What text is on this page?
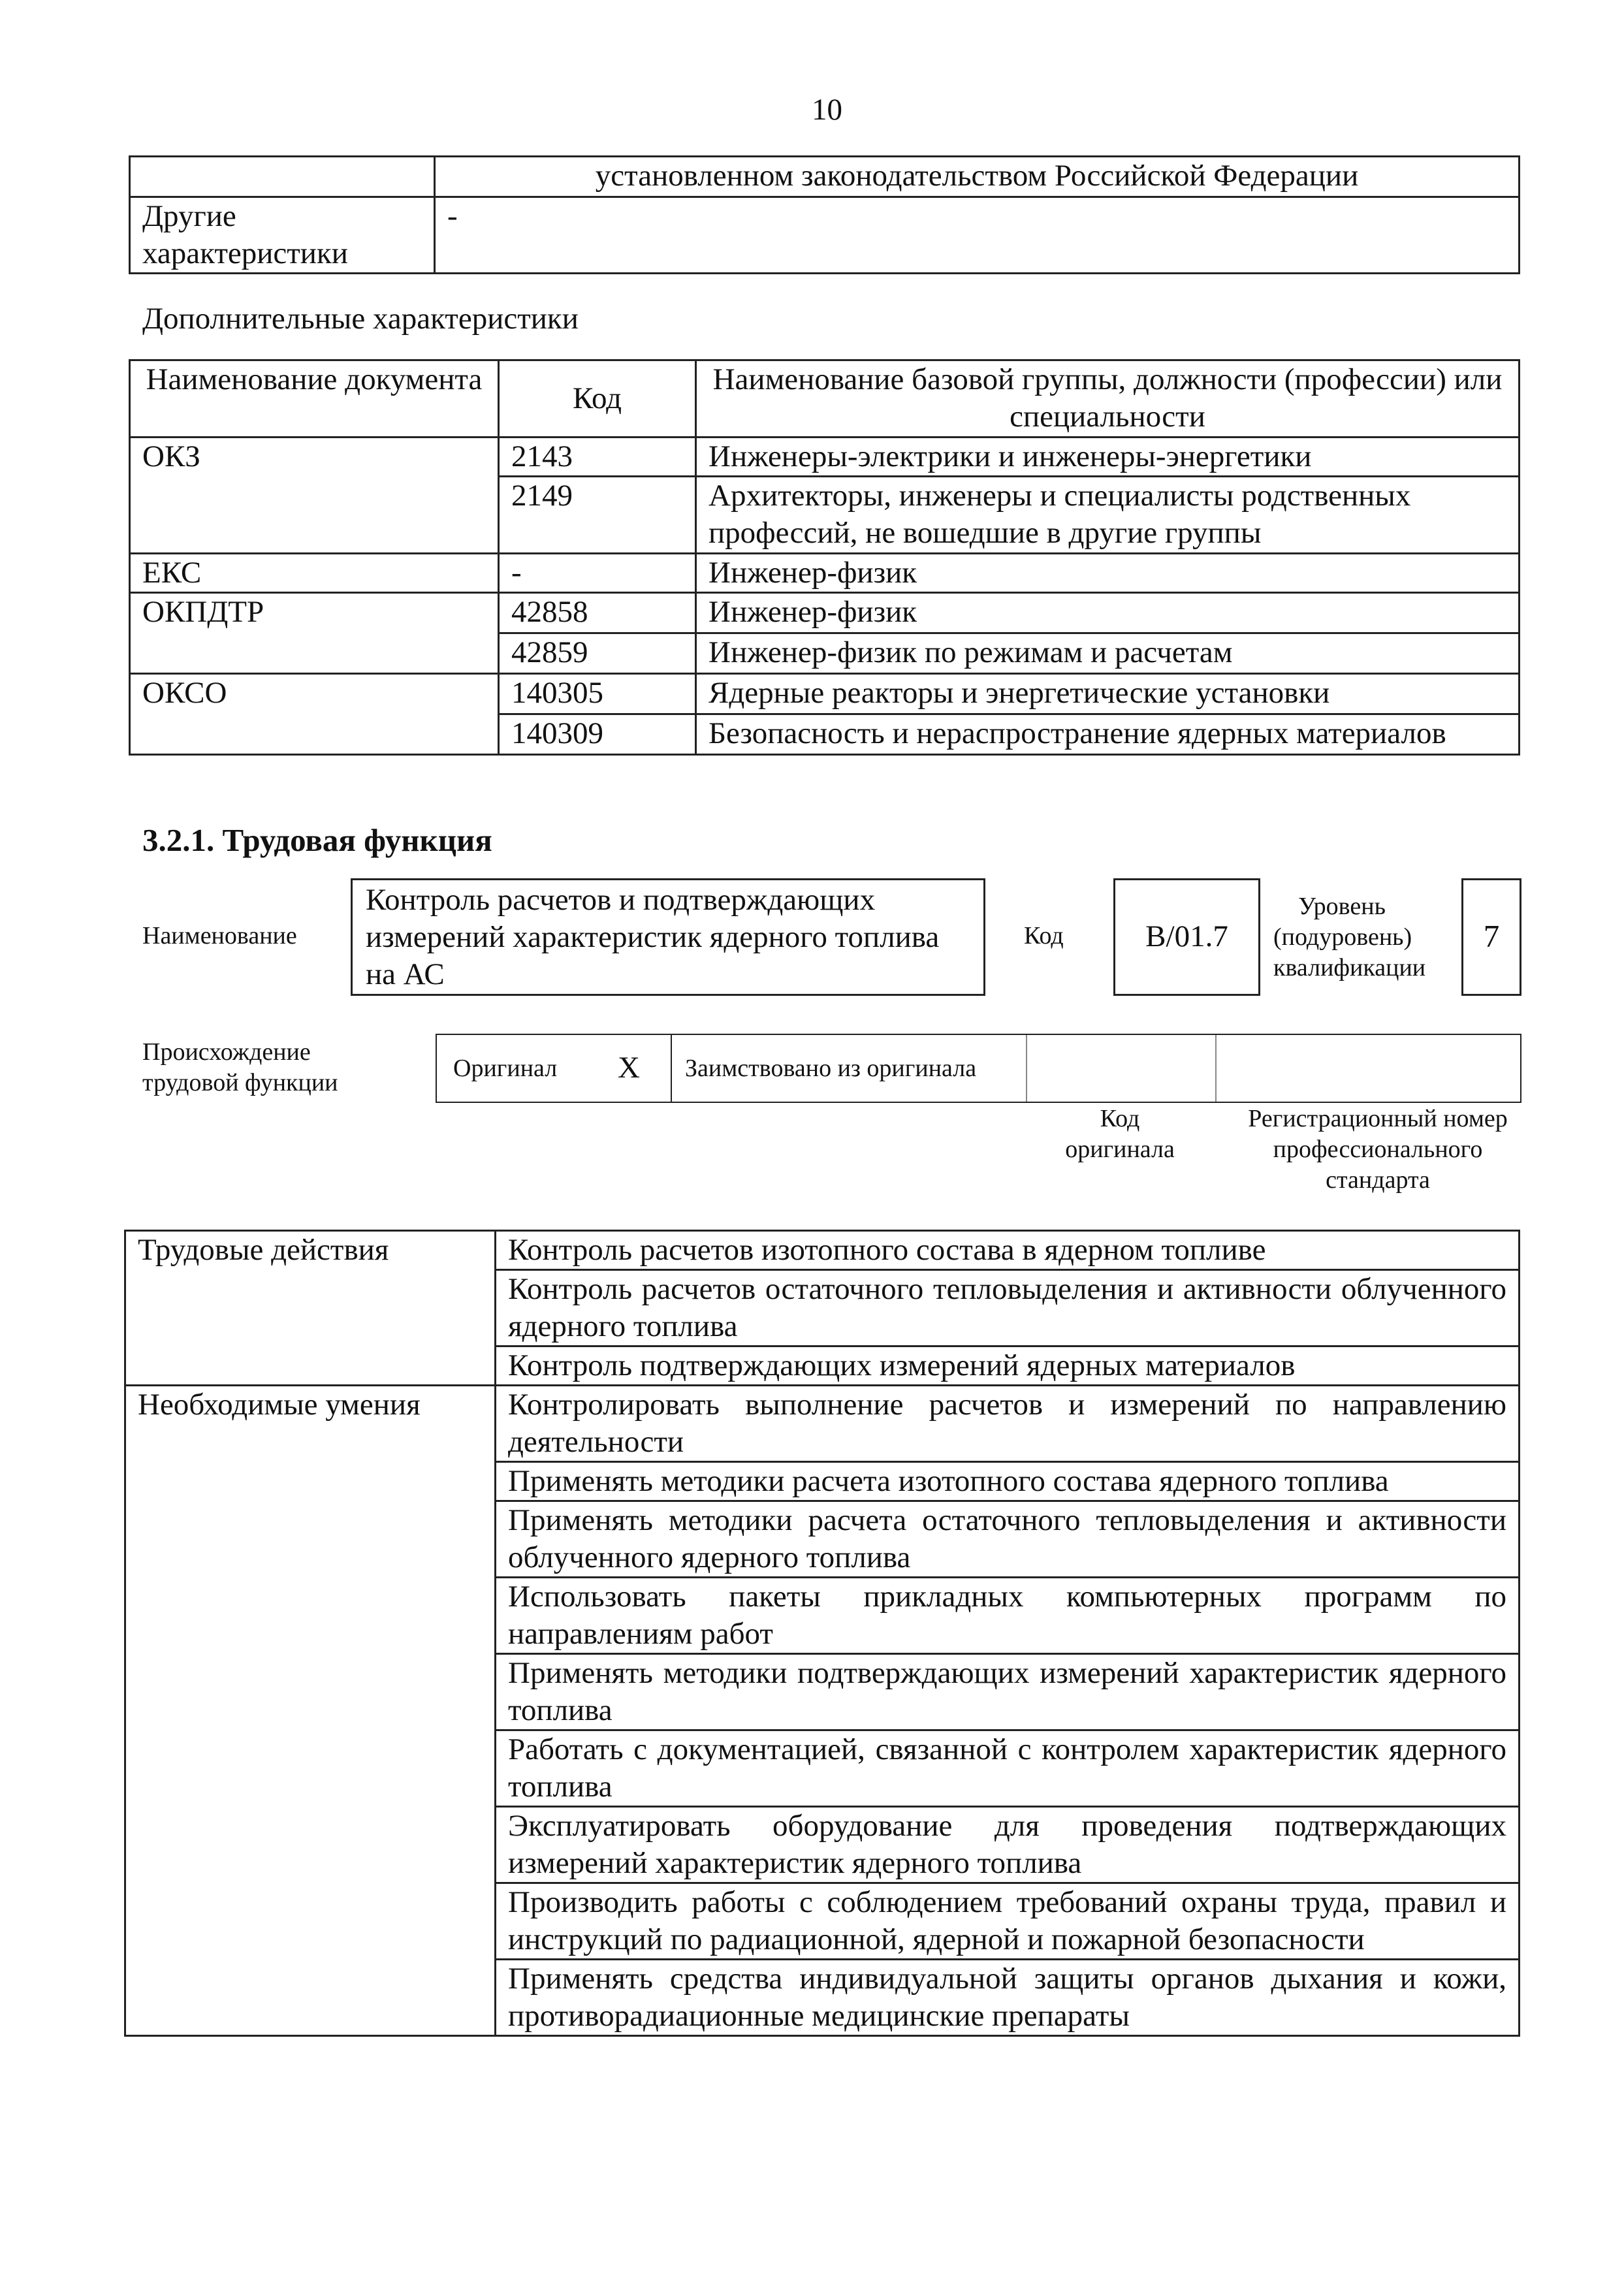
10
	установленном законодательством Российской Федерации
Другие характеристики	-
Дополнительные характеристики
Наименование документа	Код	Наименование базовой группы, должности (профессии) или специальности
ОКЗ	2143	Инженеры-электрики и инженеры-энергетики
	2149	Архитекторы, инженеры и специалисты родственных профессий, не вошедшие в другие группы
ЕКС	-	Инженер-физик
ОКПДТР	42858	Инженер-физик
	42859	Инженер-физик по режимам и расчетам
ОКСО	140305	Ядерные реакторы и энергетические установки
	140309	Безопасность и нераспространение ядерных материалов
3.2.1. Трудовая функция
Наименование
Контроль расчетов и подтверждающих измерений характеристик ядерного топлива на АС
Код	B/01.7
Уровень (подуровень) квалификации
7
Происхождение трудовой функции
Оригинал X Заимствовано из оригинала
Код оригинала
Регистрационный номер профессионального стандарта
Трудовые действия	Контроль расчетов изотопного состава в ядерном топливе
	Контроль расчетов остаточного тепловыделения и активности облученного ядерного топлива
	Контроль подтверждающих измерений ядерных материалов
Необходимые умения	Контролировать выполнение расчетов и измерений по направлению деятельности
	Применять методики расчета изотопного состава ядерного топлива
	Применять методики расчета остаточного тепловыделения и активности облученного ядерного топлива
	Использовать пакеты прикладных компьютерных программ по направлениям работ
	Применять методики подтверждающих измерений характеристик ядерного топлива
	Работать с документацией, связанной с контролем характеристик ядерного топлива
	Эксплуатировать оборудование для проведения подтверждающих измерений характеристик ядерного топлива
	Производить работы с соблюдением требований охраны труда, правил и инструкций по радиационной, ядерной и пожарной безопасности
	Применять средства индивидуальной защиты органов дыхания и кожи, противорадиационные медицинские препараты
